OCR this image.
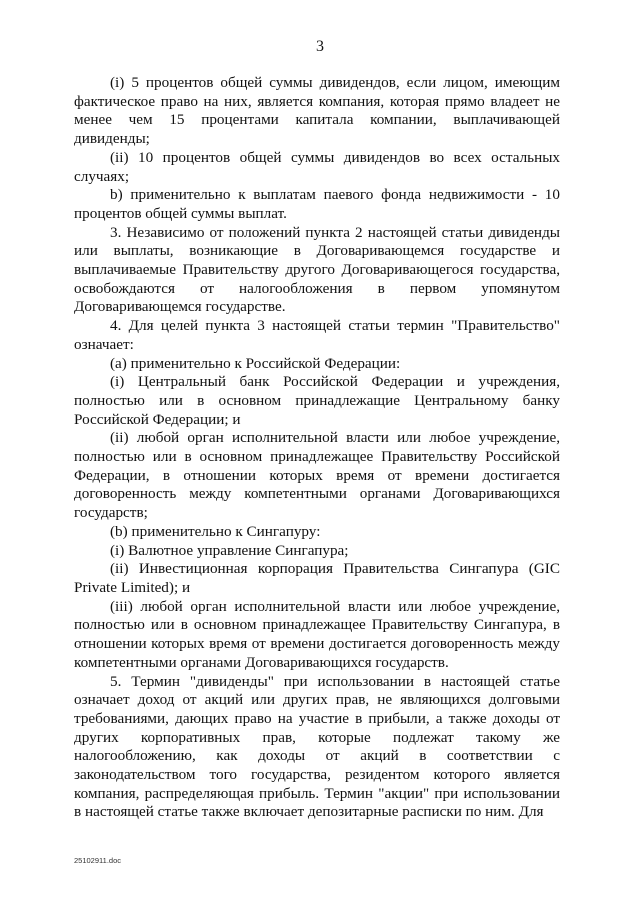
3

(i) 5 процентов общей суммы дивидендов, если лицом, имеющим фактическое право на них, является компания, которая прямо владеет не менее чем 15 процентами капитала компании, выплачивающей дивиденды;

(ii) 10 процентов общей суммы дивидендов во всех остальных случаях;

b) применительно к выплатам паевого фонда недвижимости - 10 процентов общей суммы выплат.

3. Независимо от положений пункта 2 настоящей статьи дивиденды или выплаты, возникающие в Договаривающемся государстве и выплачиваемые Правительству другого Договаривающегося государства, освобождаются от налогообложения в первом упомянутом Договаривающемся государстве.

4. Для целей пункта 3 настоящей статьи термин "Правительство" означает:

(a) применительно к Российской Федерации:

(i) Центральный банк Российской Федерации и учреждения, полностью или в основном принадлежащие Центральному банку Российской Федерации; и

(ii) любой орган исполнительной власти или любое учреждение, полностью или в основном принадлежащее Правительству Российской Федерации, в отношении которых время от времени достигается договоренность между компетентными органами Договаривающихся государств;

(b) применительно к Сингапуру:

(i) Валютное управление Сингапура;

(ii) Инвестиционная корпорация Правительства Сингапура (GIC Private Limited); и

(iii) любой орган исполнительной власти или любое учреждение, полностью или в основном принадлежащее Правительству Сингапура, в отношении которых время от времени достигается договоренность между компетентными органами Договаривающихся государств.

5. Термин "дивиденды" при использовании в настоящей статье означает доход от акций или других прав, не являющихся долговыми требованиями, дающих право на участие в прибыли, а также доходы от других корпоративных прав, которые подлежат такому же налогообложению, как доходы от акций в соответствии с законодательством того государства, резидентом которого является компания, распределяющая прибыль. Термин "акции" при использовании в настоящей статье также включает депозитарные расписки по ним. Для

25102911.doc
